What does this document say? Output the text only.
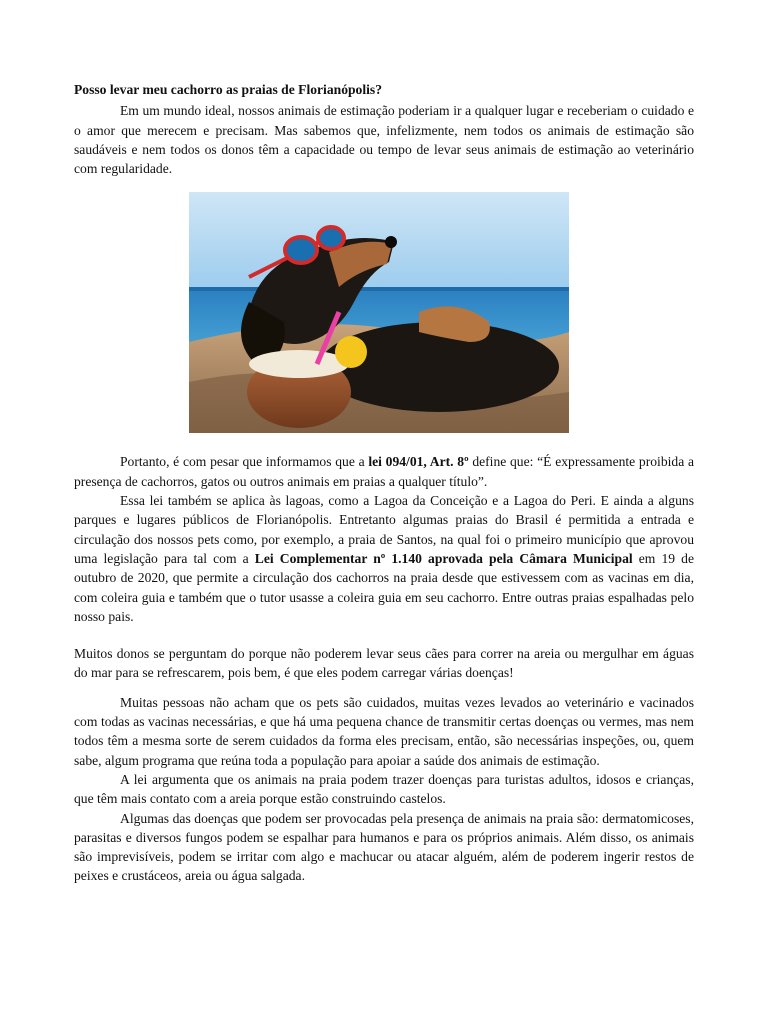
Posso levar meu cachorro as praias de Florianópolis?

Em um mundo ideal, nossos animais de estimação poderiam ir a qualquer lugar e receberiam o cuidado e o amor que merecem e precisam. Mas sabemos que, infelizmente, nem todos os animais de estimação são saudáveis e nem todos os donos têm a capacidade ou tempo de levar seus animais de estimação ao veterinário com regularidade.

Portanto, é com pesar que informamos que a lei 094/01, Art. 8º define que: “É expressamente proibida a presença de cachorros, gatos ou outros animais em praias a qualquer título”.

Essa lei também se aplica às lagoas, como a Lagoa da Conceição e a Lagoa do Peri. E ainda a alguns parques e lugares públicos de Florianópolis. Entretanto algumas praias do Brasil é permitida a entrada e circulação dos nossos pets como, por exemplo, a praia de Santos, na qual foi o primeiro município que aprovou uma legislação para tal com a Lei Complementar nº 1.140 aprovada pela Câmara Municipal em 19 de outubro de 2020, que permite a circulação dos cachorros na praia desde que estivessem com as vacinas em dia, com coleira guia e também que o tutor usasse a coleira guia em seu cachorro. Entre outras praias espalhadas pelo nosso pais.

Muitos donos se perguntam do porque não poderem levar seus cães para correr na areia ou mergulhar em águas do mar para se refrescarem, pois bem, é que eles podem carregar várias doenças!

Muitas pessoas não acham que os pets são cuidados, muitas vezes levados ao veterinário e vacinados com todas as vacinas necessárias, e que há uma pequena chance de transmitir certas doenças ou vermes, mas nem todos têm a mesma sorte de serem cuidados da forma eles precisam, então, são necessárias inspeções, ou, quem sabe, algum programa que reúna toda a população para apoiar a saúde dos animais de estimação.

A lei argumenta que os animais na praia podem trazer doenças para turistas adultos, idosos e crianças, que têm mais contato com a areia porque estão construindo castelos.

Algumas das doenças que podem ser provocadas pela presença de animais na praia são: dermatomicoses, parasitas e diversos fungos podem se espalhar para humanos e para os próprios animais. Além disso, os animais são imprevisíveis, podem se irritar com algo e machucar ou atacar alguém, além de poderem ingerir restos de peixes e crustáceos, areia ou água salgada.
